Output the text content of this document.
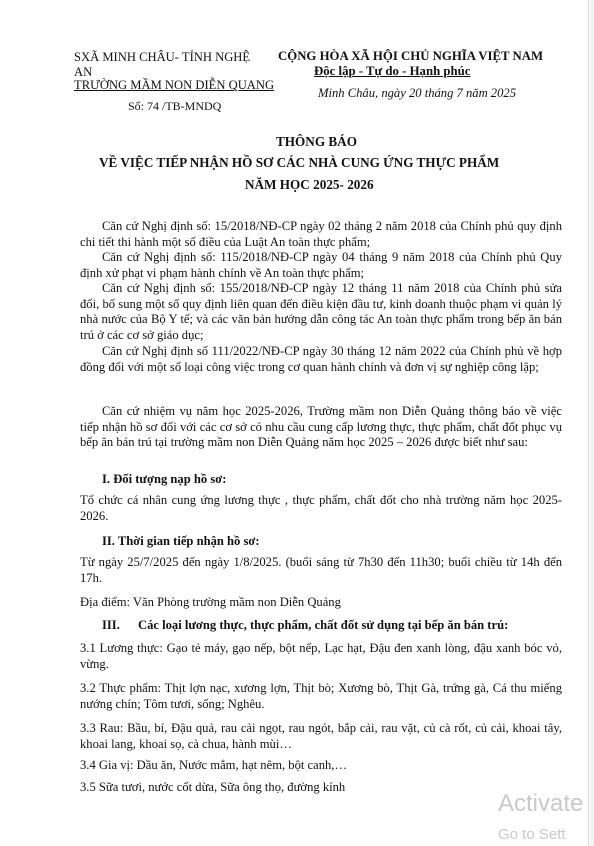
SXÃ MINH CHÂU- TỈNH NGHỆ
AN
TRƯỜNG MẦM NON DIỄN QUANG
Số: 74 /TB-MNDQ
CỘNG HÒA XÃ HỘI CHỦ NGHĨA VIỆT NAM
Độc lập - Tự do - Hạnh phúc
Minh Châu, ngày 20 tháng 7 năm 2025
THÔNG BÁO
VỀ VIỆC TIẾP NHẬN HỒ SƠ CÁC NHÀ CUNG ỨNG THỰC PHẨM
NĂM HỌC 2025- 2026
Căn cứ Nghị định số: 15/2018/NĐ-CP ngày 02 tháng 2 năm 2018 của Chính phủ quy định chi tiết thi hành một số điều của Luật An toàn thực phẩm;
Căn cứ Nghị định số: 115/2018/NĐ-CP ngày 04 tháng 9 năm 2018 của Chính phủ Quy định xử phạt vi phạm hành chính về An toàn thực phẩm;
Căn cứ Nghị định số: 155/2018/NĐ-CP ngày 12 tháng 11 năm 2018 của Chính phủ sửa đổi, bổ sung một số quy định liên quan đến điều kiện đầu tư, kinh doanh thuộc phạm vi quản lý nhà nước của Bộ Y tế; và các văn bản hướng dẫn công tác An toàn thực phẩm trong bếp ăn bán trú ở các cơ sở giáo dục;
Căn cứ Nghị định số 111/2022/NĐ-CP ngày 30 tháng 12 năm 2022 của Chính phủ về hợp đồng đối với một số loại công việc trong cơ quan hành chính và đơn vị sự nghiệp công lập;
Căn cứ nhiệm vụ năm học 2025-2026, Trường mầm non Diễn Quảng thông báo về việc tiếp nhận hồ sơ đối với các cơ sở có nhu cầu cung cấp lương thực, thực phẩm, chất đốt phục vụ bếp ăn bán trú tại trường mầm non Diễn Quảng năm học 2025 – 2026 được biết như sau:
I. Đối tượng nạp hồ sơ:
Tổ chức cá nhân cung ứng lương thực , thực phẩm, chất đốt cho nhà trường năm học 2025-2026.
II. Thời gian tiếp nhận hồ sơ:
Từ ngày 25/7/2025 đến ngày 1/8/2025. (buổi sáng từ 7h30 đến 11h30; buổi chiều từ 14h đến 17h.
Địa điểm: Văn Phòng trường mầm non Diễn Quảng
III. Các loại lương thực, thực phẩm, chất đốt sử dụng tại bếp ăn bán trú:
3.1 Lương thực: Gạo tẻ máy, gạo nếp, bột nếp, Lạc hạt, Đậu đen xanh lòng, đậu xanh bóc vỏ, vừng.
3.2 Thực phẩm: Thịt lợn nạc, xương lợn, Thịt bò; Xương bò, Thịt Gà, trứng gà, Cá thu miếng nướng chín; Tôm tươi, sống; Nghêu.
3.3 Rau: Bầu, bí, Đậu quả, rau cải ngọt, rau ngót, bắp cải, rau vặt, củ cà rốt, củ cải, khoai tây, khoai lang, khoai sọ, cà chua, hành mùi…
3.4 Gia vị: Dầu ăn, Nước mắm, hạt nêm, bột canh,…
3.5 Sữa tươi, nước cốt dừa, Sữa ông thọ, đường kính
Activate
Go to Sett
